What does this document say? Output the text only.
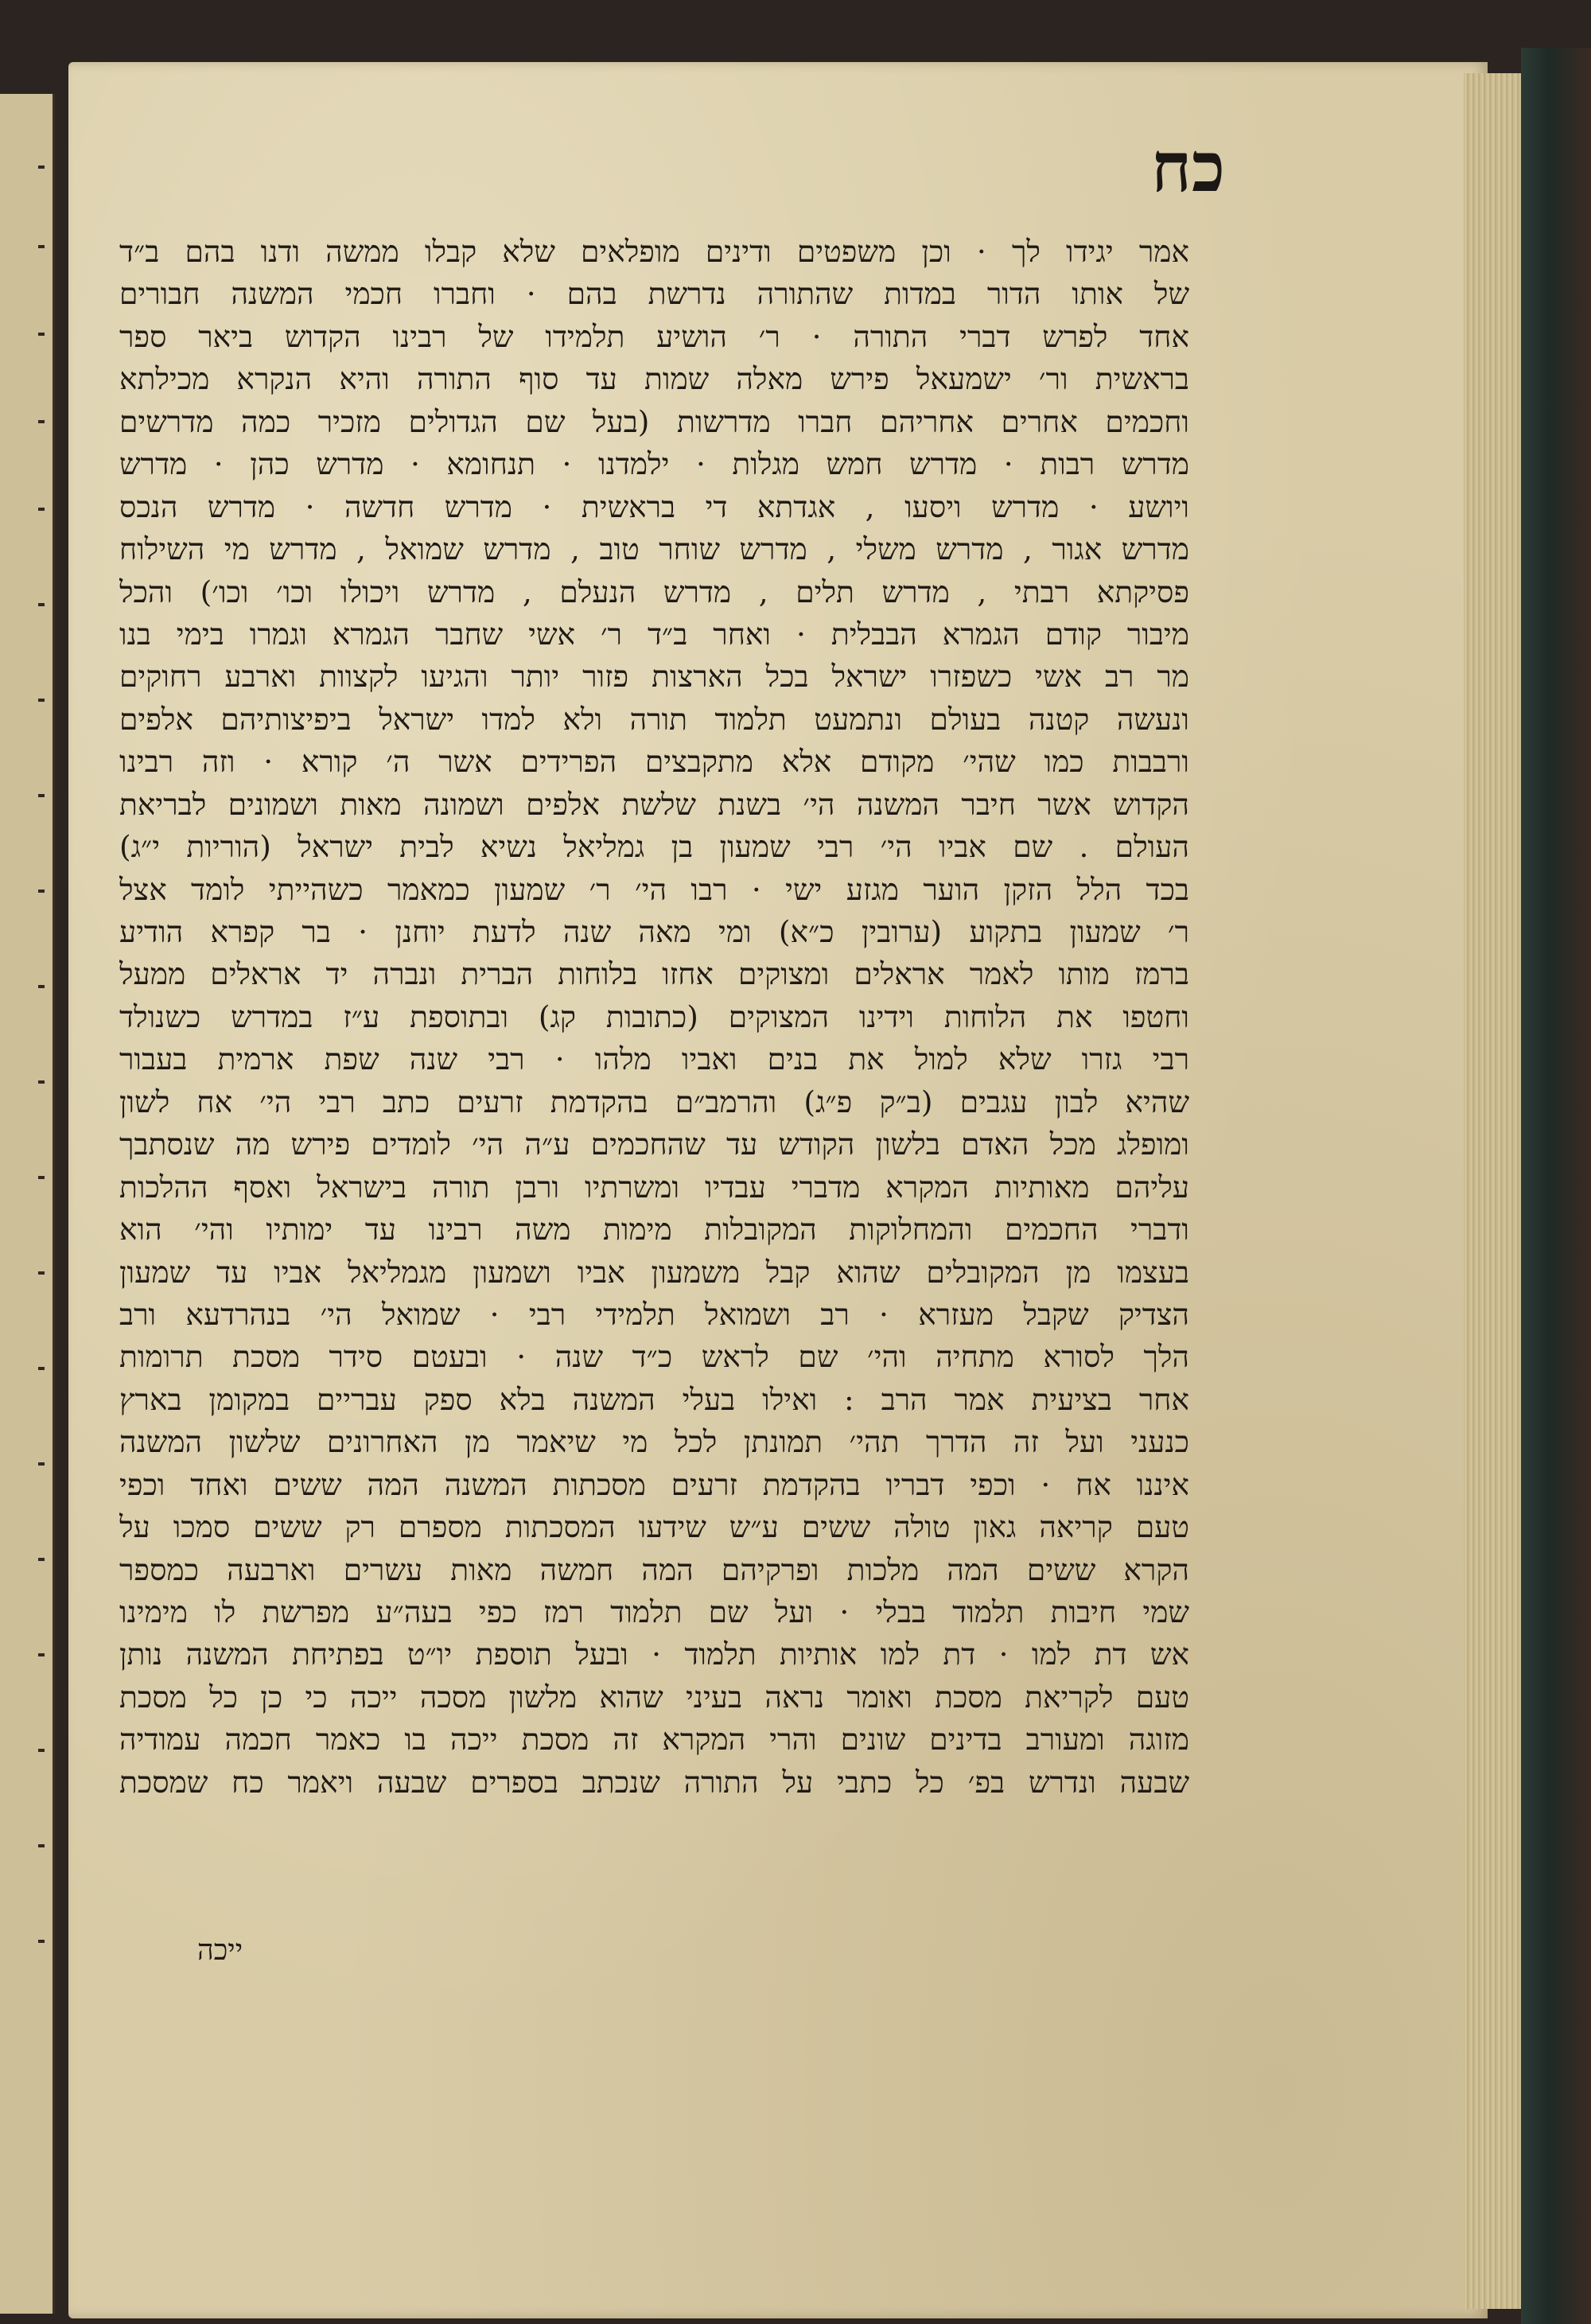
כח
אמר יגידו לך · וכן משפטים ודינים מופלאים שלא קבלו ממשה ודנו בהם ב״ד
של אותו הדור במדות שהתורה נדרשת בהם · וחברו חכמי המשנה חבורים
אחד לפרש דברי התורה · ר׳ הושיע תלמידו של רבינו הקדוש ביאר ספר
בראשית ור׳ ישמעאל פירש מאלה שמות עד סוף התורה והיא הנקרא מכילתא
וחכמים אחרים אחריהם חברו מדרשות (בעל שם הגדולים מזכיר כמה מדרשים
מדרש רבות · מדרש חמש מגלות · ילמדנו · תנחומא · מדרש כהן · מדרש
ויושע · מדרש ויסעו , אגדתא די בראשית · מדרש חדשה · מדרש הנכס
מדרש אגור , מדרש משלי , מדרש שוחר טוב , מדרש שמואל , מדרש מי השילוח
פסיקתא רבתי , מדרש תלים , מדרש הנעלם , מדרש ויכולו וכו׳ וכו׳) והכל
מיבור קודם הגמרא הבבלית · ואחר ב״ד ר׳ אשי שחבר הגמרא וגמרו בימי בנו
מר רב אשי כשפזרו ישראל בכל הארצות פזור יותר והגיעו לקצוות וארבע רחוקים
ונעשה קטנה בעולם ונתמעט תלמוד תורה ולא למדו ישראל ביפיצותיהם אלפים
ורבבות כמו שהי׳ מקודם אלא מתקבצים הפרידים אשר ה׳ קורא · וזה רבינו
הקדוש אשר חיבר המשנה הי׳ בשנת שלשת אלפים ושמונה מאות ושמונים לבריאת
העולם . שם אביו הי׳ רבי שמעון בן גמליאל נשיא לבית ישראל (הוריות י״ג)
בכד הלל הזקן הוער מגזע ישי · רבו הי׳ ר׳ שמעון כמאמר כשהייתי לומד אצל
ר׳ שמעון בתקוע (ערובין כ״א) ומי מאה שנה לדעת יוחנן · בר קפרא הודיע
ברמז מותו לאמר אראלים ומצוקים אחזו בלוחות הברית ונברה יד אראלים ממעל
וחטפו את הלוחות וידינו המצוקים (כתובות קג) ובתוספת ע״ז במדרש כשנולד
רבי גזרו שלא למול את בנים ואביו מלהו · רבי שנה שפת ארמית בעבור
שהיא לבון עגבים (ב״ק פ״ג) והרמב״ם בהקדמת זרעים כתב רבי הי׳ אח לשון
ומופלג מכל האדם בלשון הקודש עד שהחכמים ע״ה הי׳ לומדים פירש מה שנסתבך
עליהם מאותיות המקרא מדברי עבדיו ומשרתיו ורבן תורה בישראל ואסף ההלכות
ודברי החכמים והמחלוקות המקובלות מימות משה רבינו עד ימותיו והי׳ הוא
בעצמו מן המקובלים שהוא קבל משמעון אביו ושמעון מגמליאל אביו עד שמעון
הצדיק שקבל מעזרא · רב ושמואל תלמידי רבי · שמואל הי׳ בנהרדעא ורב
הלך לסורא מתחיה והי׳ שם לראש כ״ד שנה · ובעטם סידר מסכת תרומות
אחר בציעית אמר הרב : ואילו בעלי המשנה בלא ספק עבריים במקומן בארץ
כנעני ועל זה הדרך תהי׳ תמונתן לכל מי שיאמר מן האחרונים שלשון המשנה
איננו אח · וכפי דבריו בהקדמת זרעים מסכתות המשנה המה ששים ואחד וכפי
טעם קריאה גאון טולה ששים ע״ש שידעו המסכתות מספרם רק ששים סמכו על
הקרא ששים המה מלכות ופרקיהם המה חמשה מאות עשרים וארבעה כמספר
שמי חיבות תלמוד בבלי · ועל שם תלמוד רמז כפי בעה״ע מפרשת לו מימינו
אש דת למו · דת למו אותיות תלמוד · ובעל תוספת יו״ט בפתיחת המשנה נותן
טעם לקריאת מסכת ואומר נראה בעיני שהוא מלשון מסכה ייכה כי כן כל מסכת
מזוגה ומעורב בדינים שונים והרי המקרא זה מסכת ייכה בו כאמר חכמה עמודיה
שבעה ונדרש בפ׳ כל כתבי על התורה שנכתב בספרים שבעה ויאמר כח שמסכת
ייכה
